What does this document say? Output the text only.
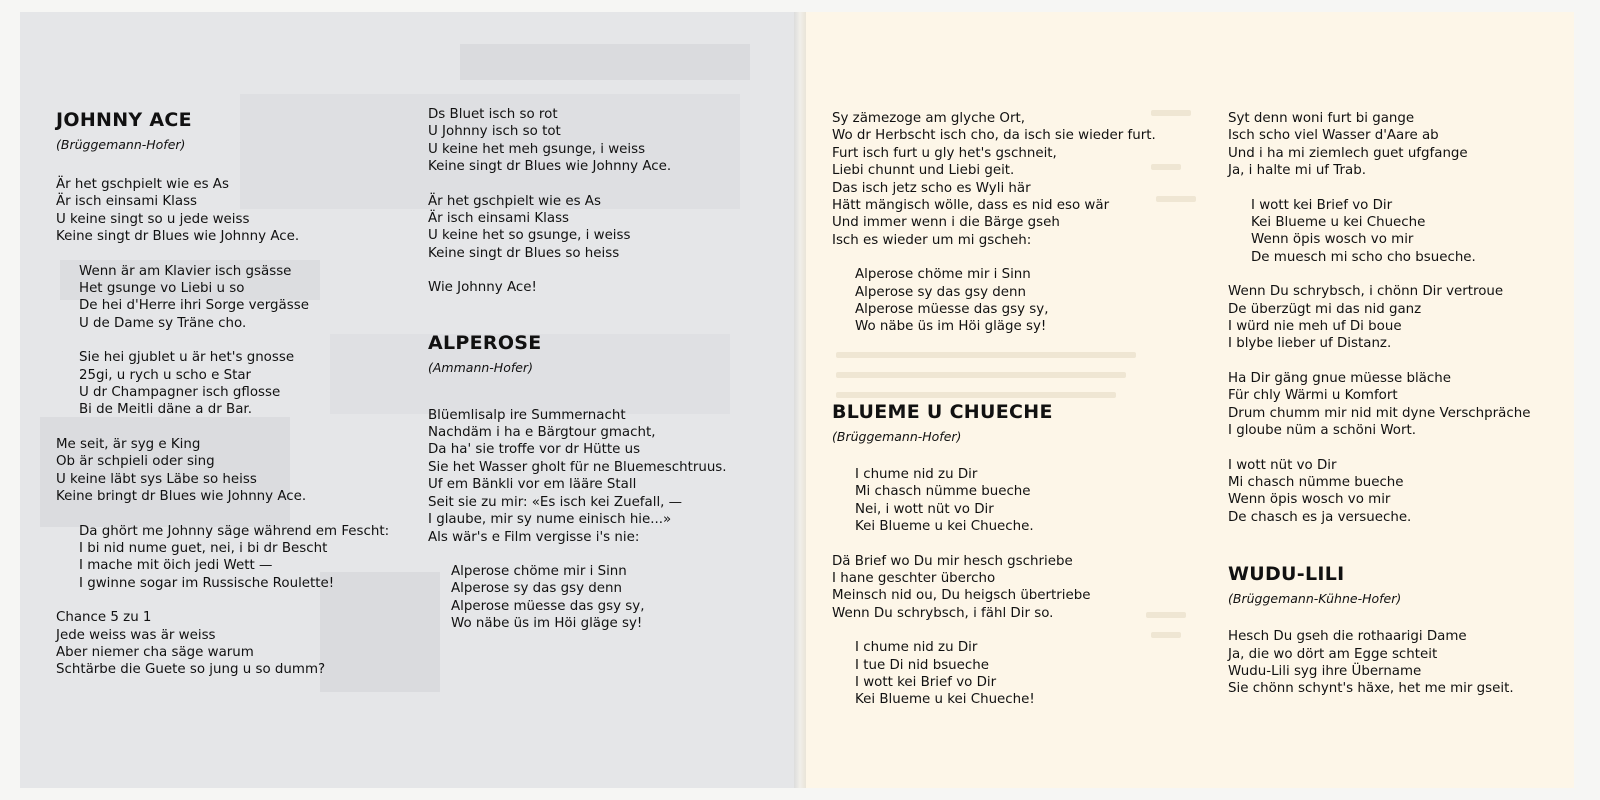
JOHNNY ACE
(Brüggemann-Hofer)
Är het gschpielt wie es As
Är isch einsami Klass
U keine singt so u jede weiss
Keine singt dr Blues wie Johnny Ace.
Wenn är am Klavier isch gsässe
Het gsunge vo Liebi u so
De hei d'Herre ihri Sorge vergässe
U de Dame sy Träne cho.
Sie hei gjublet u är het's gnosse
25gi, u rych u scho e Star
U dr Champagner isch gflosse
Bi de Meitli däne a dr Bar.
Me seit, är syg e King
Ob är schpieli oder sing
U keine läbt sys Läbe so heiss
Keine bringt dr Blues wie Johnny Ace.
Da ghört me Johnny säge während em Fescht:
I bi nid nume guet, nei, i bi dr Bescht
I mache mit öich jedi Wett —
I gwinne sogar im Russische Roulette!
Chance 5 zu 1
Jede weiss was är weiss
Aber niemer cha säge warum
Schtärbe die Guete so jung u so dumm?
Ds Bluet isch so rot
U Johnny isch so tot
U keine het meh gsunge, i weiss
Keine singt dr Blues wie Johnny Ace.
Är het gschpielt wie es As
Är isch einsami Klass
U keine het so gsunge, i weiss
Keine singt dr Blues so heiss
Wie Johnny Ace!
ALPEROSE
(Ammann-Hofer)
Blüemlisalp ire Summernacht
Nachdäm i ha e Bärgtour gmacht,
Da ha' sie troffe vor dr Hütte us
Sie het Wasser gholt für ne Bluemeschtruus.
Uf em Bänkli vor em lääre Stall
Seit sie zu mir: «Es isch kei Zuefall, —
I glaube, mir sy nume einisch hie...»
Als wär's e Film vergisse i's nie:
Alperose chöme mir i Sinn
Alperose sy das gsy denn
Alperose müesse das gsy sy,
Wo näbe üs im Höi gläge sy!
Sy zämezoge am glyche Ort,
Wo dr Herbscht isch cho, da isch sie wieder furt.
Furt isch furt u gly het's gschneit,
Liebi chunnt und Liebi geit.
Das isch jetz scho es Wyli här
Hätt mängisch wölle, dass es nid eso wär
Und immer wenn i die Bärge gseh
Isch es wieder um mi gscheh:
Alperose chöme mir i Sinn
Alperose sy das gsy denn
Alperose müesse das gsy sy,
Wo näbe üs im Höi gläge sy!
BLUEME U CHUECHE
(Brüggemann-Hofer)
I chume nid zu Dir
Mi chasch nümme bueche
Nei, i wott nüt vo Dir
Kei Blueme u kei Chueche.
Dä Brief wo Du mir hesch gschriebe
I hane geschter übercho
Meinsch nid ou, Du heigsch übertriebe
Wenn Du schrybsch, i fähl Dir so.
I chume nid zu Dir
I tue Di nid bsueche
I wott kei Brief vo Dir
Kei Blueme u kei Chueche!
Syt denn woni furt bi gange
Isch scho viel Wasser d'Aare ab
Und i ha mi ziemlech guet ufgfange
Ja, i halte mi uf Trab.
I wott kei Brief vo Dir
Kei Blueme u kei Chueche
Wenn öpis wosch vo mir
De muesch mi scho cho bsueche.
Wenn Du schrybsch, i chönn Dir vertroue
De überzügt mi das nid ganz
I würd nie meh uf Di boue
I blybe lieber uf Distanz.
Ha Dir gäng gnue müesse bläche
Für chly Wärmi u Komfort
Drum chumm mir nid mit dyne Verschpräche
I gloube nüm a schöni Wort.
I wott nüt vo Dir
Mi chasch nümme bueche
Wenn öpis wosch vo mir
De chasch es ja versueche.
WUDU-LILI
(Brüggemann-Kühne-Hofer)
Hesch Du gseh die rothaarigi Dame
Ja, die wo dört am Egge schteit
Wudu-Lili syg ihre Übername
Sie chönn schynt's häxe, het me mir gseit.
